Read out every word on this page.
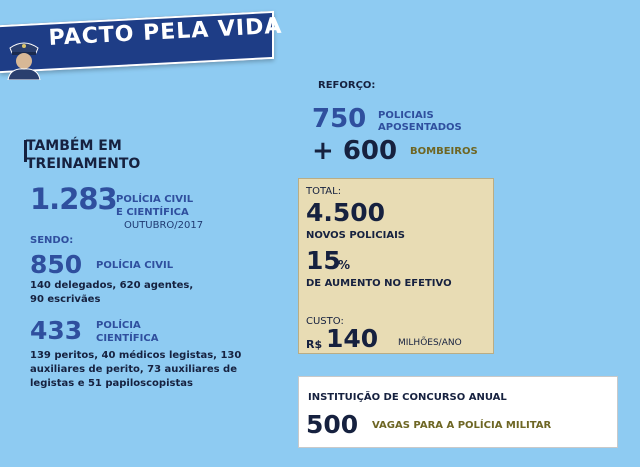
PACTO PELA VIDA
TAMBÉM EM
TREINAMENTO
1.283 POLÍCIA CIVIL
E CIENTÍFICA
OUTUBRO/2017
SENDO:
850 POLÍCIA CIVIL
140 delegados, 620 agentes,
90 escrivães
433 POLÍCIA
CIENTÍFICA
139 peritos, 40 médicos legistas, 130
auxiliares de perito, 73 auxiliares de
legistas e 51 papiloscopistas
REFORÇO:
750 POLICIAIS
APOSENTADOS
+ 600 BOMBEIROS
TOTAL:
4.500
NOVOS POLICIAIS
15
%
DE AUMENTO NO EFETIVO
CUSTO:
R$ 140 MILHÕES/ANO
INSTITUIÇÃO DE CONCURSO ANUAL
500 VAGAS PARA A POLÍCIA MILITAR
